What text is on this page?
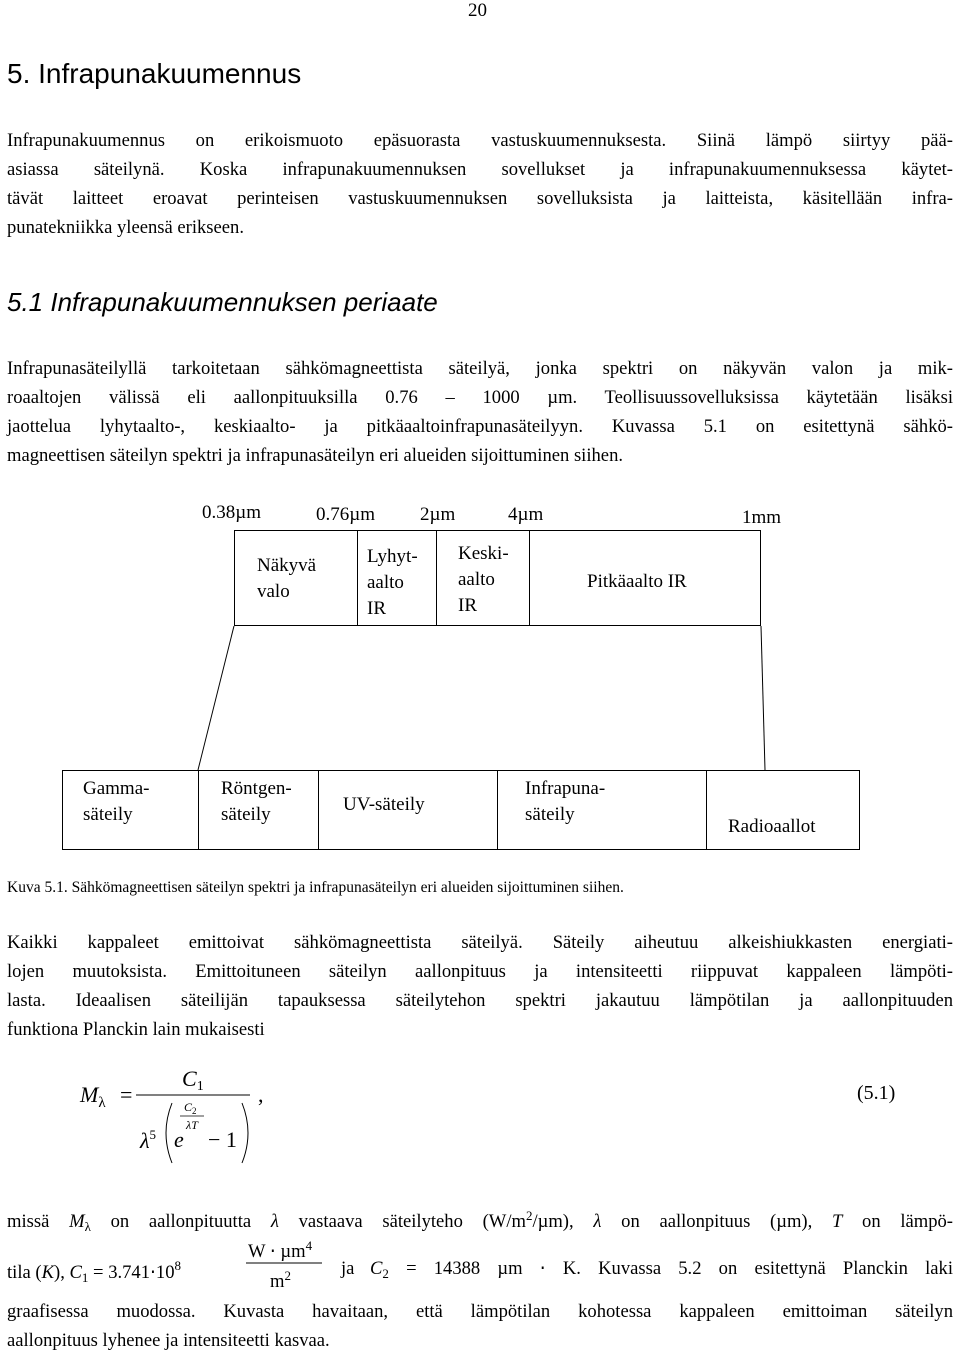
20
5. Infrapunakuumennus
Infrapunakuumennus on erikoismuoto epäsuorasta vastuskuumennuksesta. Siinä lämpö siirtyy pää-
asiassa säteilynä. Koska infrapunakuumennuksen sovellukset ja infrapunakuumennuksessa käytet-
tävät laitteet eroavat perinteisen vastuskuumennuksen sovelluksista ja laitteista, käsitellään infra-
punatekniikka yleensä erikseen.
5.1 Infrapunakuumennuksen periaate
Infrapunasäteilyllä tarkoitetaan sähkömagneettista säteilyä, jonka spektri on näkyvän valon ja mik-
roaaltojen välissä eli aallonpituuksilla 0.76 – 1000 µm. Teollisuussovelluksissa käytetään lisäksi
jaottelua lyhytaalto-, keskiaalto- ja pitkäaaltoinfrapunasäteilyyn. Kuvassa 5.1 on esitettynä sähkö-
magneettisen säteilyn spektri ja infrapunasäteilyn eri alueiden sijoittuminen siihen.
0.38µm	0.76µm 2µm	4µm	1mm
Näkyvä
valo
Lyhyt-
aalto
IR
Keski-
aalto
IR
Pitkäaalto IR
Gamma-
säteily
Röntgen-
säteily	UV-säteily
Infrapuna-
säteily
Radioaallot
Kuva 5.1. Sähkömagneettisen säteilyn spektri ja infrapunasäteilyn eri alueiden sijoittuminen siihen.
Kaikki kappaleet emittoivat sähkömagneettista säteilyä. Säteily aiheutuu alkeishiukkasten energiati-
lojen muutoksista. Emittoituneen säteilyn aallonpituus ja intensiteetti riippuvat kappaleen lämpöti-
lasta. Ideaalisen säteilijän tapauksessa säteilytehon spektri jakautuu lämpötilan ja aallonpituuden
funktiona Planckin lain mukaisesti
$M_\lambda$ =
C1
$\lambda^5$ e
$C_2$
λT
− 1
,	(5.1)
missä $M_\lambda$ on aallonpituutta λ vastaava säteilyteho $(W/m^2/\mu m)$, λ on aallonpituus (µm), T on lämpö-
tila (K), $C_1 = 3.741\cdot 10^8$
W ⋅ µm$^4$
$m^2$	ja $C_2 = 14388$ µm ⋅ K. Kuvassa 5.2 on esitettynä Planckin laki
graafisessa muodossa. Kuvasta havaitaan, että lämpötilan kohotessa kappaleen emittoiman säteilyn
aallonpituus lyhenee ja intensiteetti kasvaa.
